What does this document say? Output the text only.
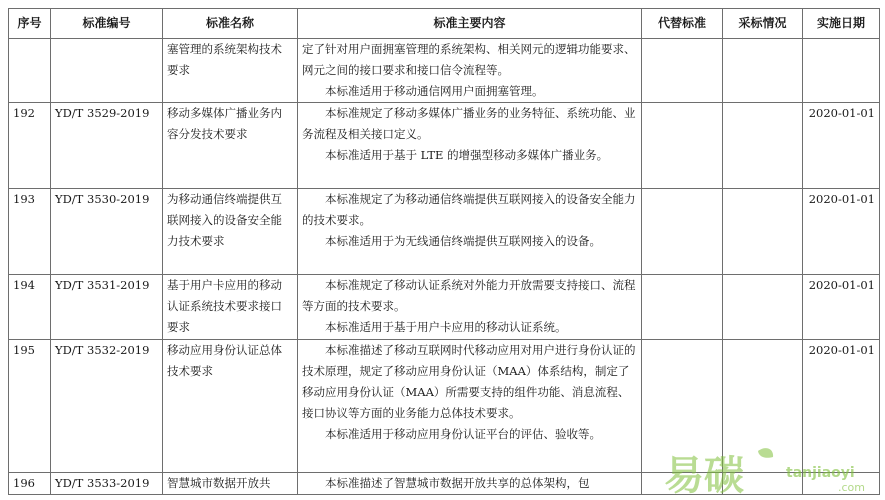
序号	标准编号	标准名称	标准主要内容	代替标准	采标情况	实施日期
		塞管理的系统架构技术要求	定了针对用户面拥塞管理的系统架构、相关网元的逻辑功能要求、网元之间的接口要求和接口信令流程等。
本标准适用于移动通信网用户面拥塞管理。			

192	YD/T 3529-2019	移动多媒体广播业务内容分发技术要求	本标准规定了移动多媒体广播业务的业务特征、系统功能、业务流程及相关接口定义。
本标准适用于基于 LTE 的增强型移动多媒体广播业务。			2020-01-01
193	YD/T 3530-2019	为移动通信终端提供互联网接入的设备安全能力技术要求	本标准规定了为移动通信终端提供互联网接入的设备安全能力的技术要求。
本标准适用于为无线通信终端提供互联网接入的设备。			2020-01-01
194	YD/T 3531-2019	基于用户卡应用的移动认证系统技术要求接口要求	本标准规定了移动认证系统对外能力开放需要支持接口、流程等方面的技术要求。
本标准适用于基于用户卡应用的移动认证系统。			2020-01-01
195	YD/T 3532-2019	移动应用身份认证总体技术要求	本标准描述了移动互联网时代移动应用对用户进行身份认证的技术原理，规定了移动应用身份认证（MAA）体系结构，制定了移动应用身份认证（MAA）所需要支持的组件功能、消息流程、接口协议等方面的业务能力总体技术要求。
本标准适用于移动应用身份认证平台的评估、验收等。			2020-01-01
196	YD/T 3533-2019	智慧城市数据开放共	本标准描述了智慧城市数据开放共享的总体架构，包			
				易碳	tanjiaoyi
.com
